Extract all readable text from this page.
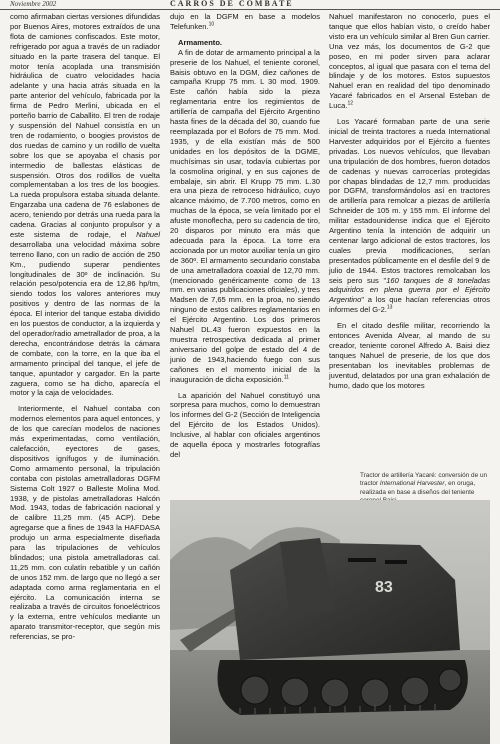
Noviembre 2002	CARROS DE COMBATE

como afirmaban ciertas versiones difundidas por Buenos Aires, motores extraídos de una flota de camiones confiscados. Este motor, refrigerado por agua a través de un radiador situado en la parte trasera del tanque. El motor tenía acoplada una transmisión hidráulica de cuatro velocidades hacia adelante y una hacia atrás situada en la parte anterior del vehículo, fabricada por la firma de Pedro Merlini, ubicada en el porteño barrio de Caballito. El tren de rodaje y suspensión del Nahuel consistía en un tren de rodamiento, o boogies provistos de dos ruedas de camino y un rodillo de vuelta sobre los que se apoyaba el chasis por intermedio de ballestas elásticas de suspensión. Otros dos rodillos de vuelta complementaban a los tres de los boogies. La rueda propulsora estaba situada delante. Engarzaba una cadena de 76 eslabones de acero, teniendo por detrás una rueda para la cadena. Gracias al conjunto propulsor y a este sistema de rodaje, el Nahuel desarrollaba una velocidad máxima sobre terreno llano, con un radio de acción de 250 Km., pudiendo superar pendientes longitudinales de 30º de inclinación. Su relación peso/potencia era de 12,86 hp/tm, siendo todos los valores anteriores muy positivos y dentro de las normas de la época. El interior del tanque estaba dividido en los puestos de conductor, a la izquierda y del operador/radio ametrallador de proa, a la derecha, encontrándose detrás la cámara de combate, con la torre, en la que iba el armamento principal del tanque, el jefe de tanque, apuntador y cargador. En la parte zaguera, como se ha dicho, aparecía el motor y la caja de velocidades.

Interiormente, el Nahuel contaba con modernos elementos para aquel entonces, y de los que carecían modelos de naciones más experimentadas, como ventilación, calefacción, eyectores de gases, dispositivos ignífugos y de iluminación. Como armamento personal, la tripulación contaba con pistolas ametralladoras DGFM Sistema Colt 1927 o Balleste Molina Mod. 1938, y de pistolas ametralladoras Halcón Mod. 1943, todas de fabricación nacional y de calibre 11,25 mm. (45 ACP). Debe agregarse que a fines de 1943 la HAFDASA produjo un arma especialmente diseñada para las tripulaciones de vehículos blindados; una pistola ametralladoras cal. 11,25 mm. con culatín rebatible y un cañón de unos 152 mm. de largo que no llegó a ser adaptada como arma reglamentaria en el ejército. La comunicación interna se realizaba a través de circuitos fonoeléctricos y la externa, entre vehículos mediante un aparato transmitor-receptor, que según mis referencias, se pro-

dujo en la DGFM en base a modelos Telefunken.$^{10}$

Armamento.

A fin de dotar de armamento principal a la preserie de los Nahuel, el teniente coronel, Baisis obtuvo en la DGM, diez cañones de campaña Krupp 75 mm. L 30 mod. 1909. Este cañón había sido la pieza reglamentaria entre los regimientos de artillería de campaña del Ejército Argentino hasta fines de la década del 30, cuando fue reemplazada por el Bofors de 75 mm. Mod. 1935, y de ella existían más de 500 unidades en los depósitos de la DGME, muchísimas sin usar, todavía cubiertas por la cosmolina original, y en sus cajones de embalaje, sin abrir. El Krupp 75 mm. L.30 era una pieza de retroceso hidráulico, cuyo alcance máximo, de 7.700 metros, como en muchas de la época, se veía limitado por el afuste monoflecha, pero su cadencia de tiro, 20 disparos por minuto era más que adecuada para la época. La torre era accionada por un motor auxiliar tenía un giro de 360º. El armamento secundario constaba de una ametralladora coaxial de 12,70 mm. (mencionado genéricamente como de 13 mm. en varias publicaciones oficiales), y tres Madsen de 7,65 mm. en la proa, no siendo ninguno de estos calibres reglamentarios en el Ejército Argentino. Los dos primeros Nahuel DL.43 fueron expuestos en la muestra retrospectiva dedicada al primer aniversario del golpe de estado del 4 de junio de 1943,haciendo fuego con sus cañones en el momento inicial de la inauguración de dicha exposición.$^{11}$

La aparición del Nahuel constituyó una sorpresa para muchos, como lo demuestran los informes del G-2 (Sección de Inteligencia del Ejército de los Estados Unidos). Inclusive, al hablar con oficiales argentinos de aquella época y mostrarles fotografías del

Nahuel manifestaron no conocerlo, pues el tanque que ellos habían visto, o creído haber visto era un vehículo similar al Bren Gun carrier. Una vez más, los documentos de G-2 que poseo, en mi poder sirven para aclarar conceptos, al igual que pasara con el tema del blindaje y de los motores. Estos supuestos Nahuel eran en realidad del tipo denominado Yacaré fabricados en el Arsenal Esteban de Luca.$^{12}$

Los Yacaré formaban parte de una serie inicial de treinta tractores a rueda International Harvester adquiridos por el Ejército a fuentes privadas. Los nuevos vehículos, que llevaban una tripulación de dos hombres, fueron dotados de cadenas y nuevas carrocerías protegidas por chapas blindadas de 12,7 mm. producidas por DGFM, transformándolos así en tractores de artillería para remolcar a piezas de artillería Schneider de 105 m. y 155 mm. El informe del militar estadounidense indica que el Ejército Argentino tenía la intención de adquirir un centenar largo adicional de estos tractores, los cuales previa modificaciones, serían presentados públicamente en el desfile del 9 de julio de 1944. Estos tractores remolcaban los seis pero sus "160 tanques de 8 toneladas adquiridos en plena guerra por el Ejército Argentino" a los que hacían referencias otros informes del G-2.13

En el citado desfile militar, recorriendo la entonces Avenida Alvear, al mando de su creador, teniente coronel Alfredo A. Baisi diez tanques Nahuel de preserie, de los que dos presentaban los inevitables problemas de juventud, delatados por una gran exhalación de humo, dado que los motores

Tractor de artillería Yacaré: conversión de un tractor International Harvester, en oruga, realizada en base a diseños del teniente
83
